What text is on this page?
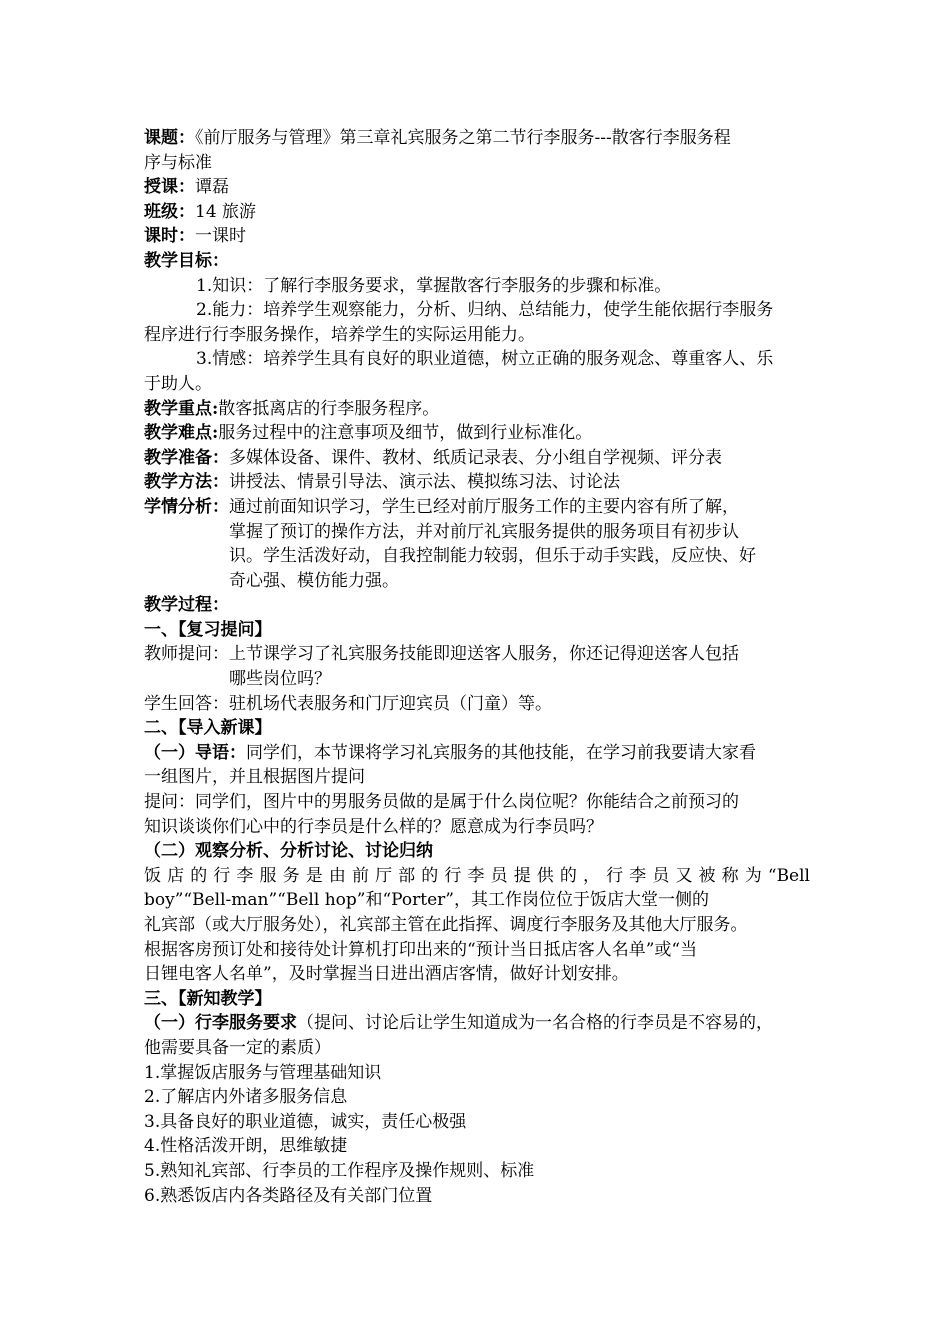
课题：《前厅服务与管理》第三章礼宾服务之第二节行李服务---散客行李服务程
序与标准
授课：谭磊
班级：14 旅游
课时：一课时
教学目标：
1.知识：了解行李服务要求，掌握散客行李服务的步骤和标准。
2.能力：培养学生观察能力，分析、归纳、总结能力，使学生能依据行李服务
程序进行行李服务操作，培养学生的实际运用能力。
3.情感：培养学生具有良好的职业道德，树立正确的服务观念、尊重客人、乐
于助人。
教学重点:散客抵离店的行李服务程序。
教学难点:服务过程中的注意事项及细节，做到行业标准化。
教学准备：多媒体设备、课件、教材、纸质记录表、分小组自学视频、评分表
教学方法：讲授法、情景引导法、演示法、模拟练习法、讨论法
学情分析： 通过前面知识学习，学生已经对前厅服务工作的主要内容有所了解，
掌握了预订的操作方法，并对前厅礼宾服务提供的服务项目有初步认
识。学生活泼好动，自我控制能力较弱，但乐于动手实践，反应快、好
奇心强、模仿能力强。
教学过程：
一、【复习提问】
教师提问： 上节课学习了礼宾服务技能即迎送客人服务，你还记得迎送客人包括
哪些岗位吗？
学生回答：驻机场代表服务和门厅迎宾员（门童）等。
二、【导入新课】
（一）导语：同学们，本节课将学习礼宾服务的其他技能，在学习前我要请大家看
一组图片，并且根据图片提问
提问：同学们，图片中的男服务员做的是属于什么岗位呢？你能结合之前预习的
知识谈谈你们心中的行李员是什么样的？愿意成为行李员吗？
（二）观察分析、分析讨论、讨论归纳
饭店的行李服务是由前厅部的行李员提供的，行李员又被称为“Bell
boy”“Bell-man”“Bell hop”和“Porter”，其工作岗位位于饭店大堂一侧的
礼宾部（或大厅服务处），礼宾部主管在此指挥、调度行李服务及其他大厅服务。
根据客房预订处和接待处计算机打印出来的“预计当日抵店客人名单”或“当
日锂电客人名单”，及时掌握当日进出酒店客情，做好计划安排。
三、【新知教学】
（一）行李服务要求（提问、讨论后让学生知道成为一名合格的行李员是不容易的，
他需要具备一定的素质）
1.掌握饭店服务与管理基础知识
2.了解店内外诸多服务信息
3.具备良好的职业道德，诚实，责任心极强
4.性格活泼开朗，思维敏捷
5.熟知礼宾部、行李员的工作程序及操作规则、标准
6.熟悉饭店内各类路径及有关部门位置
